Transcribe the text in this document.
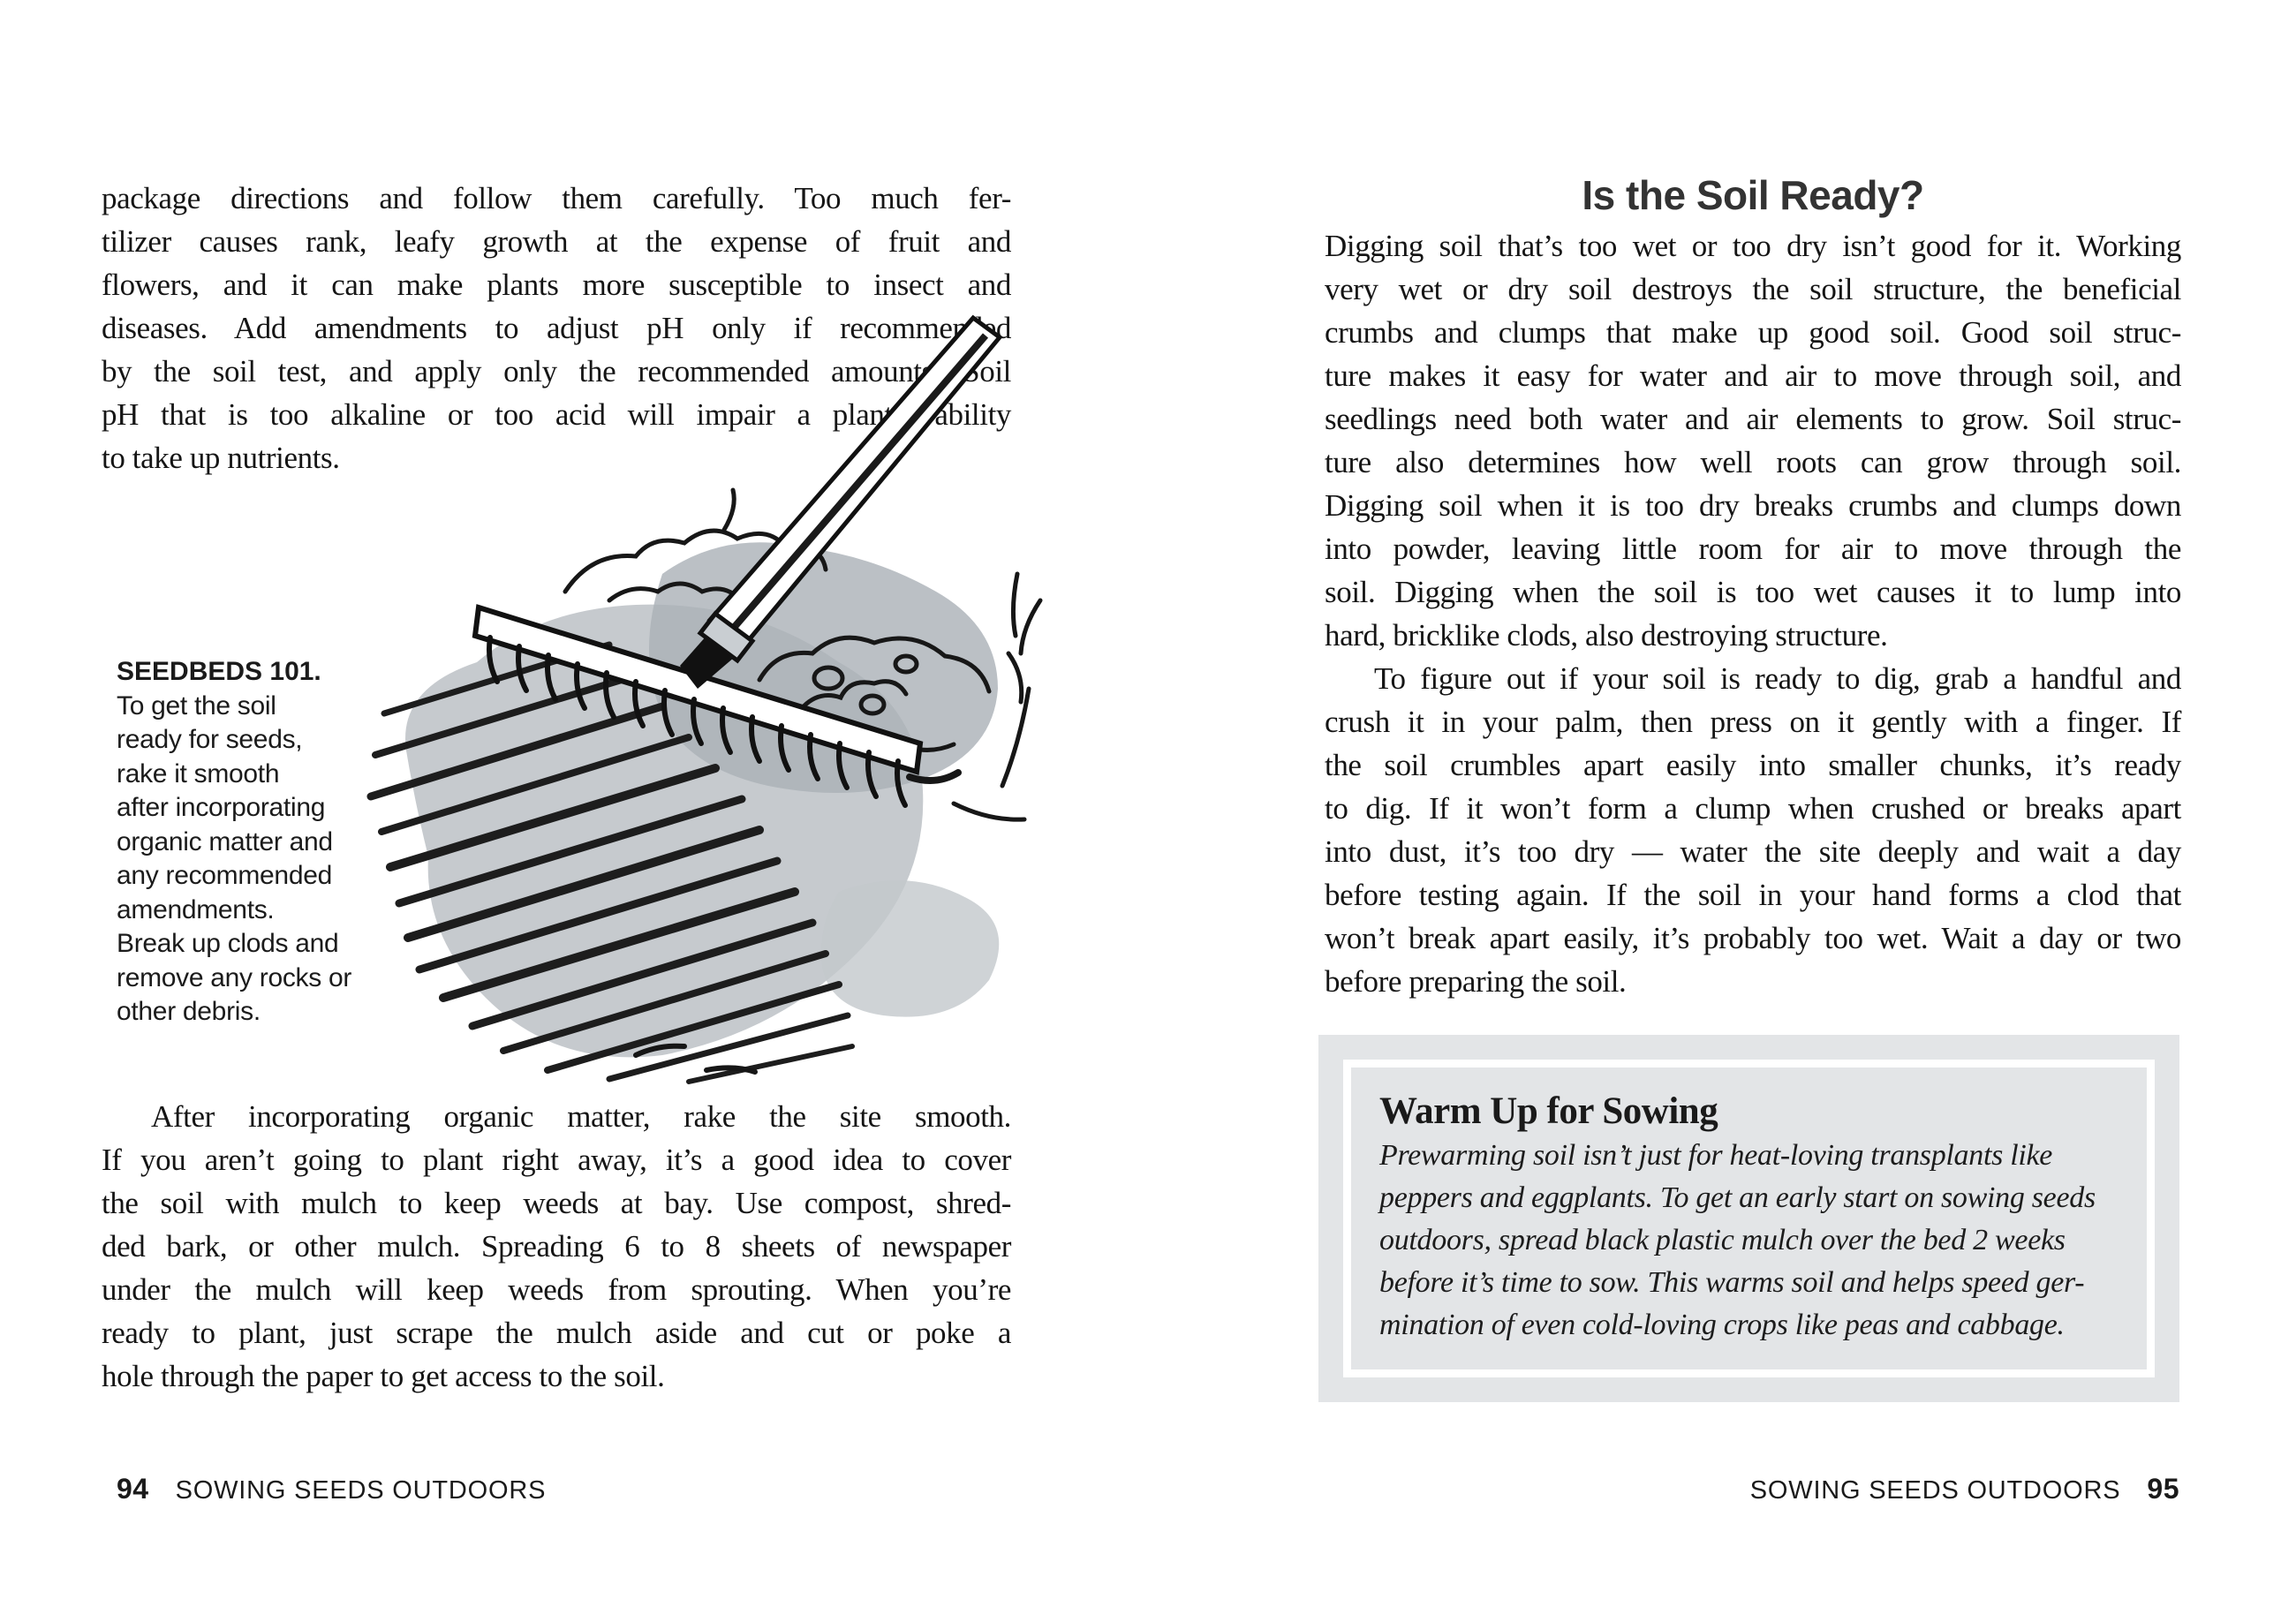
package directions and follow them carefully. Too much fer-
tilizer causes rank, leafy growth at the expense of fruit and
flowers, and it can make plants more susceptible to insect and
diseases. Add amendments to adjust pH only if recommended
by the soil test, and apply only the recommended amounts. Soil
pH that is too alkaline or too acid will impair a plant’s ability
to take up nutrients.
SEEDBEDS 101.
To get the soil
ready for seeds,
rake it smooth
after incorporating
organic matter and
any recommended
amendments.
Break up clods and
remove any rocks or
other debris.
After incorporating organic matter, rake the site smooth.
If you aren’t going to plant right away, it’s a good idea to cover
the soil with mulch to keep weeds at bay. Use compost, shred-
ded bark, or other mulch. Spreading 6 to 8 sheets of newspaper
under the mulch will keep weeds from sprouting. When you’re
ready to plant, just scrape the mulch aside and cut or poke a
hole through the paper to get access to the soil.
94 SOWING SEEDS OUTDOORS
Is the Soil Ready?
Digging soil that’s too wet or too dry isn’t good for it. Working
very wet or dry soil destroys the soil structure, the beneficial
crumbs and clumps that make up good soil. Good soil struc-
ture makes it easy for water and air to move through soil, and
seedlings need both water and air elements to grow. Soil struc-
ture also determines how well roots can grow through soil.
Digging soil when it is too dry breaks crumbs and clumps down
into powder, leaving little room for air to move through the
soil. Digging when the soil is too wet causes it to lump into
hard, bricklike clods, also destroying structure.
To figure out if your soil is ready to dig, grab a handful and
crush it in your palm, then press on it gently with a finger. If
the soil crumbles apart easily into smaller chunks, it’s ready
to dig. If it won’t form a clump when crushed or breaks apart
into dust, it’s too dry — water the site deeply and wait a day
before testing again. If the soil in your hand forms a clod that
won’t break apart easily, it’s probably too wet. Wait a day or two
before preparing the soil.
Warm Up for Sowing
Prewarming soil isn’t just for heat-loving transplants like
peppers and eggplants. To get an early start on sowing seeds
outdoors, spread black plastic mulch over the bed 2 weeks
before it’s time to sow. This warms soil and helps speed ger-
mination of even cold-loving crops like peas and cabbage.
SOWING SEEDS OUTDOORS 95
